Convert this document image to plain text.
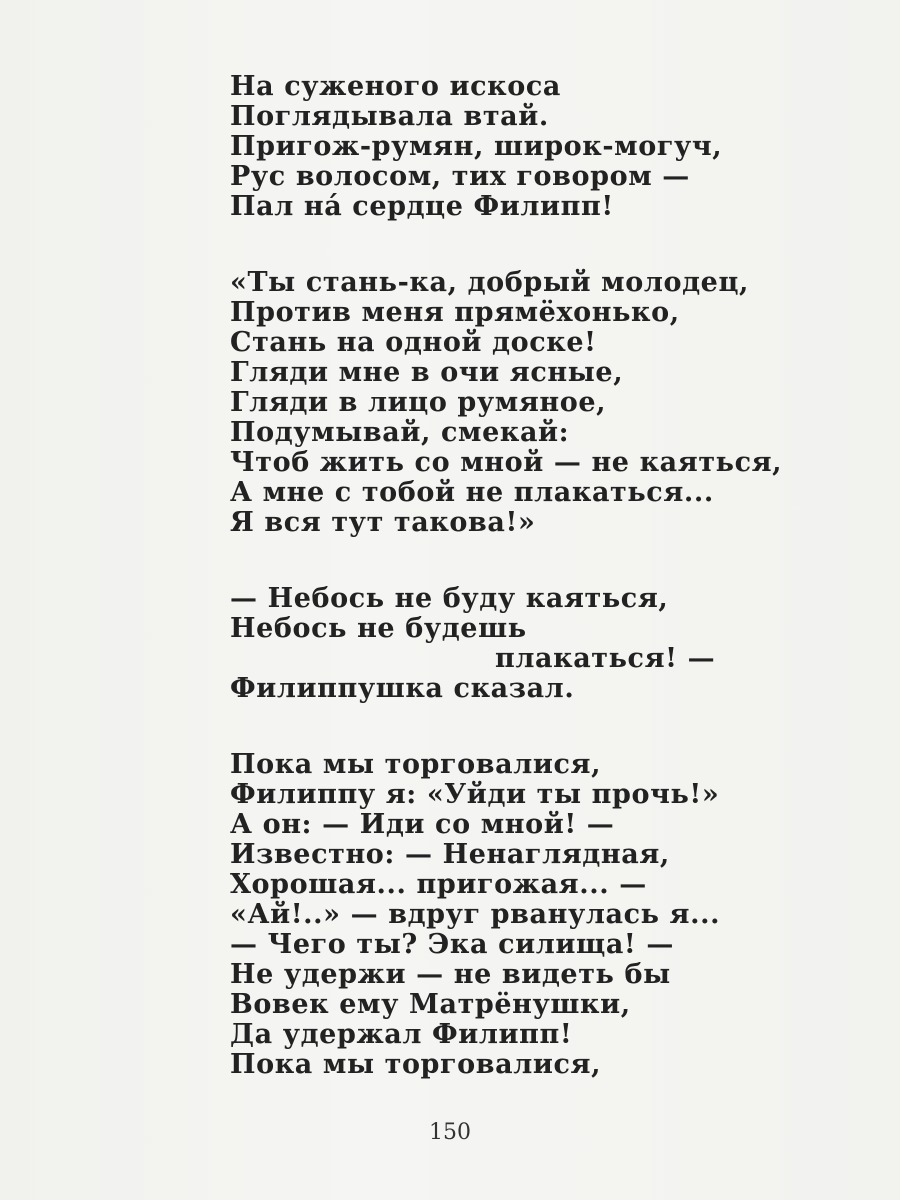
На суженого искоса
Поглядывала втай.
Пригож-румян, широк-могуч,
Рус волосом, тих говором —
Пал на́ сердце Филипп!
«Ты стань-ка, добрый молодец,
Против меня прямёхонько,
Стань на одной доске!
Гляди мне в очи ясные,
Гляди в лицо румяное,
Подумывай, смекай:
Чтоб жить со мной — не каяться,
А мне с тобой не плакаться...
Я вся тут такова!»
— Небось не буду каяться,
Небось не будешь
плакаться! —
Филиппушка сказал.
Пока мы торговалися,
Филиппу я: «Уйди ты прочь!»
А он: — Иди со мной! —
Известно: — Ненаглядная,
Хорошая... пригожая... —
«Ай!..» — вдруг рванулась я...
— Чего ты? Эка силища! —
Не удержи — не видеть бы
Вовек ему Матрёнушки,
Да удержал Филипп!
Пока мы торговалися,
150
